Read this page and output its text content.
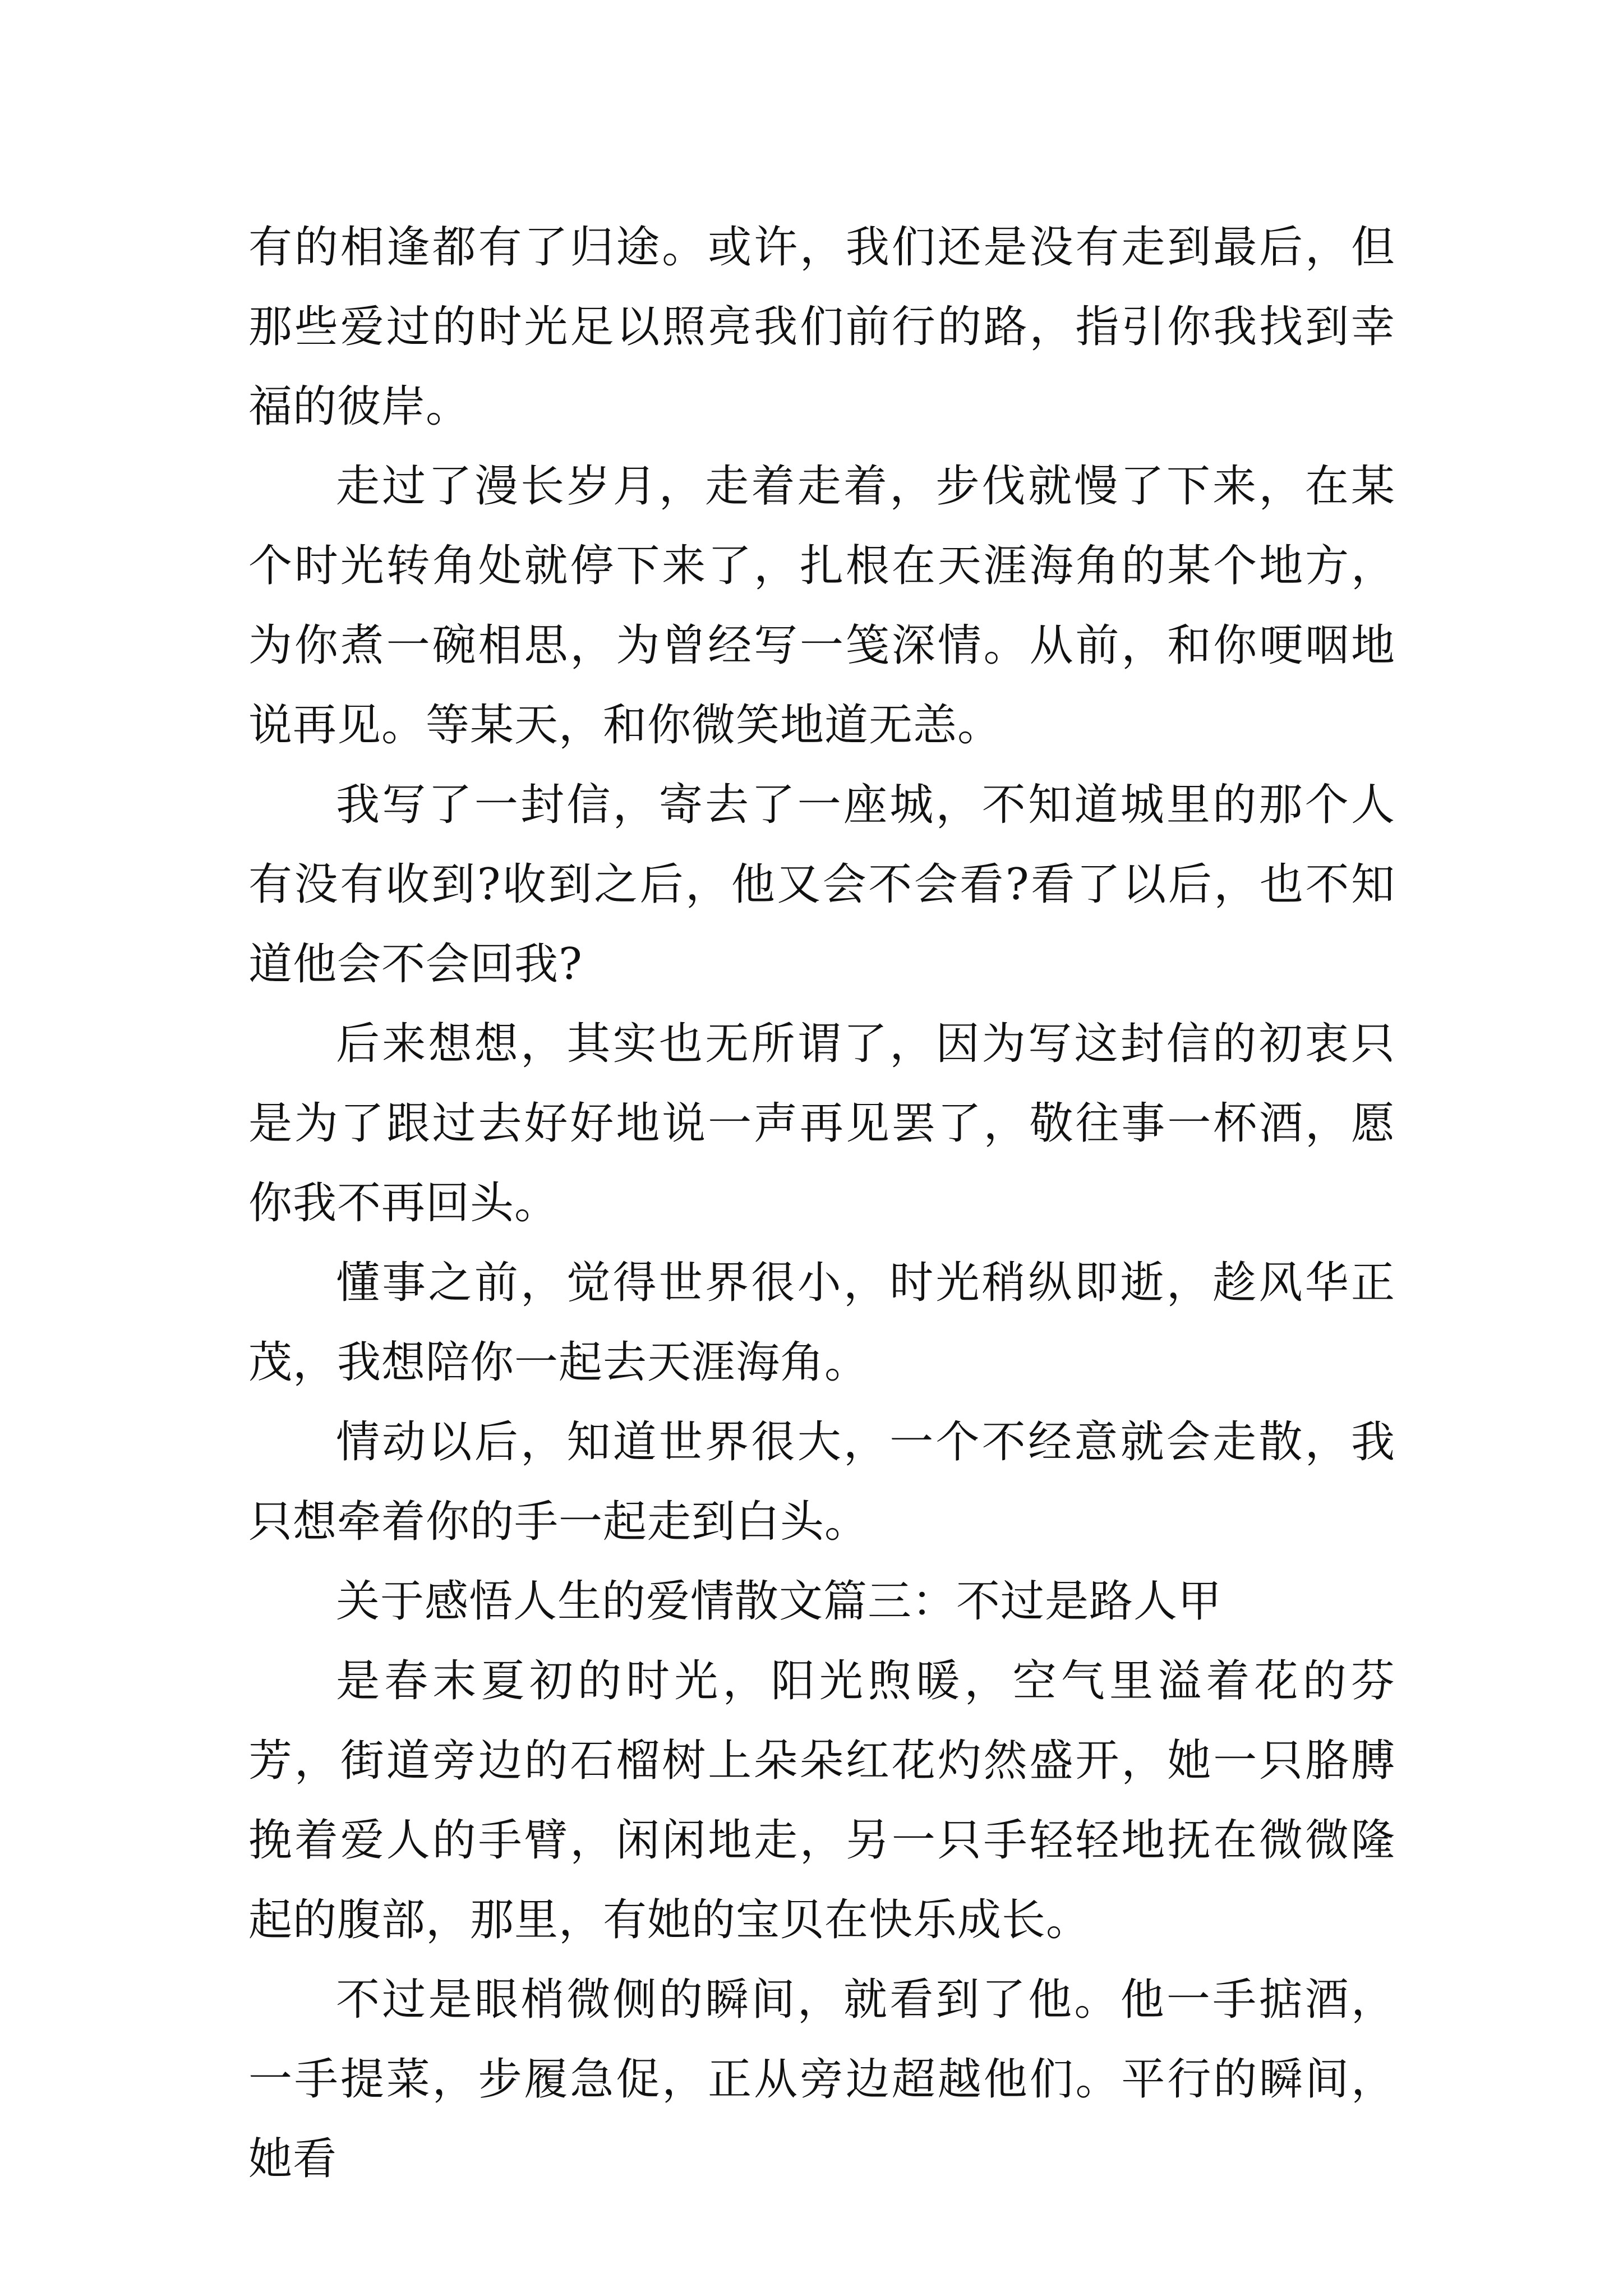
有的相逢都有了归途。或许，我们还是没有走到最后，但那些爱过的时光足以照亮我们前行的路，指引你我找到幸福的彼岸。

走过了漫长岁月，走着走着，步伐就慢了下来，在某个时光转角处就停下来了，扎根在天涯海角的某个地方，为你煮一碗相思，为曾经写一笺深情。从前，和你哽咽地说再见。等某天，和你微笑地道无恙。

我写了一封信，寄去了一座城，不知道城里的那个人有没有收到?收到之后，他又会不会看?看了以后，也不知道他会不会回我?

后来想想，其实也无所谓了，因为写这封信的初衷只是为了跟过去好好地说一声再见罢了，敬往事一杯酒，愿你我不再回头。

懂事之前，觉得世界很小，时光稍纵即逝，趁风华正茂，我想陪你一起去天涯海角。

情动以后，知道世界很大，一个不经意就会走散，我只想牵着你的手一起走到白头。

关于感悟人生的爱情散文篇三：不过是路人甲

是春末夏初的时光，阳光煦暖，空气里溢着花的芬芳，街道旁边的石榴树上朵朵红花灼然盛开，她一只胳膊挽着爱人的手臂，闲闲地走，另一只手轻轻地抚在微微隆起的腹部，那里，有她的宝贝在快乐成长。

不过是眼梢微侧的瞬间，就看到了他。他一手掂酒，一手提菜，步履急促，正从旁边超越他们。平行的瞬间，她看
